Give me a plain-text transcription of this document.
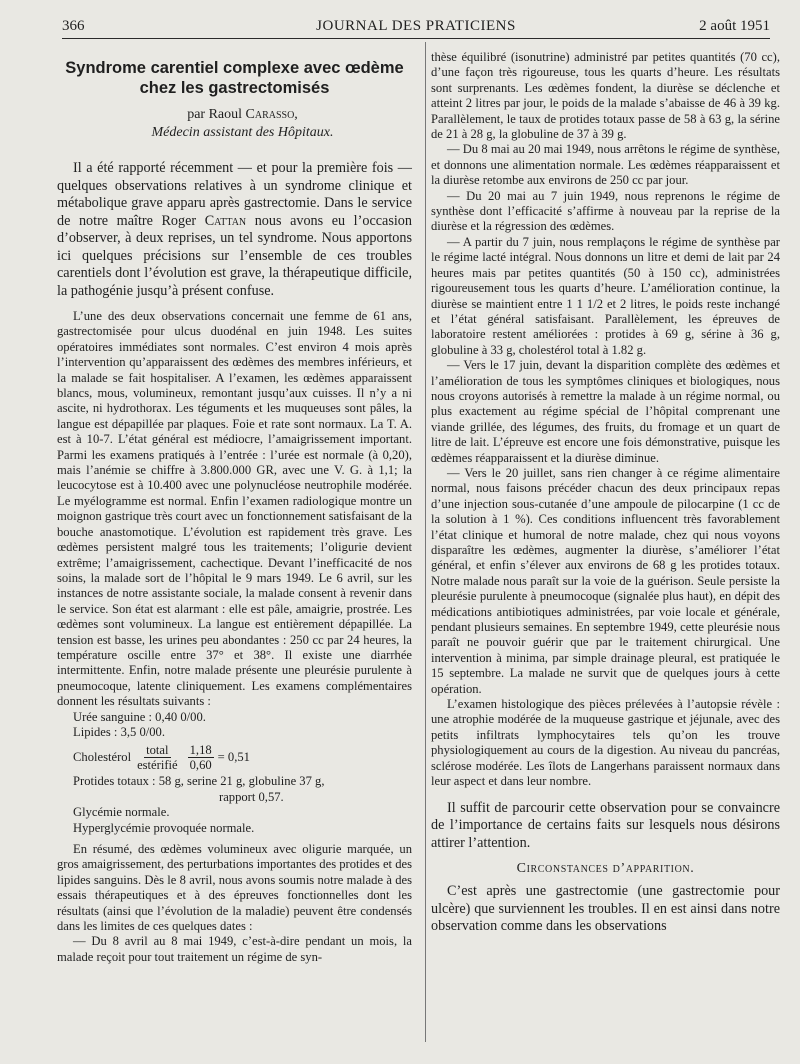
366	JOURNAL DES PRATICIENS	2 août 1951
Syndrome carentiel complexe avec œdème
chez les gastrectomisés

par Raoul Carasso,

Médecin assistant des Hôpitaux.

Il a été rapporté récemment — et pour la première fois — quelques observations relatives à un syndrome clinique et métabolique grave apparu après gastrectomie. Dans le service de notre maître Roger Cattan nous avons eu l’occasion d’observer, à deux reprises, un tel syndrome. Nous apportons ici quelques précisions sur l’ensemble de ces troubles carentiels dont l’évolution est grave, la thérapeutique difficile, la pathogénie jusqu’à présent confuse.

L’une des deux observations concernait une femme de 61 ans, gastrectomisée pour ulcus duodénal en juin 1948. Les suites opératoires immédiates sont normales. C’est environ 4 mois après l’intervention qu’apparaissent des œdèmes des membres inférieurs, et la malade se fait hospitaliser. A l’examen, les œdèmes apparaissent blancs, mous, volumineux, remontant jusqu’aux cuisses. Il n’y a ni ascite, ni hydrothorax. Les téguments et les muqueuses sont pâles, la langue est dépapillée par plaques. Foie et rate sont normaux. La T. A. est à 10-7. L’état général est médiocre, l’amaigrissement important. Parmi les examens pratiqués à l’entrée : l’urée est normale (à 0,20), mais l’anémie se chiffre à 3.800.000 GR, avec une V. G. à 1,1; la leucocytose est à 10.400 avec une polynucléose neutrophile modérée. Le myélogramme est normal. Enfin l’examen radiologique montre un moignon gastrique très court avec un fonctionnement satisfaisant de la bouche anastomotique. L’évolution est rapidement très grave. Les œdèmes persistent malgré tous les traitements; l’oligurie devient extrême; l’amaigrissement, cachectique. Devant l’inefficacité de nos soins, la malade sort de l’hôpital le 9 mars 1949. Le 6 avril, sur les instances de notre assistante sociale, la malade consent à revenir dans le service. Son état est alarmant : elle est pâle, amaigrie, prostrée. Les œdèmes sont volumineux. La langue est entièrement dépapillée. La tension est basse, les urines peu abondantes : 250 cc par 24 heures, la température oscille entre 37° et 38°. Il existe une diarrhée intermittente. Enfin, notre malade présente une pleurésie purulente à pneumocoque, latente cliniquement. Les examens complémentaires donnent les résultats suivants :

Urée sanguine : 0,40 0/00.
Lipides : 3,5 0/00.
Cholestérol $\frac{\text{total}}{\text{estérifié}} \frac{1,18}{0,60} = 0,51$
Protides totaux : 58 g, serine 21 g, globuline 37 g,
rapport 0,57.
Glycémie normale.
Hyperglycémie provoquée normale.

En résumé, des œdèmes volumineux avec oligurie marquée, un gros amaigrissement, des perturbations importantes des protides et des lipides sanguins. Dès le 8 avril, nous avons soumis notre malade à des essais thérapeutiques et à des épreuves fonctionnelles dont les résultats (ainsi que l’évolution de la maladie) peuvent être condensés dans les limites de ces quelques dates :

— Du 8 avril au 8 mai 1949, c’est-à-dire pendant un mois, la malade reçoit pour tout traitement un régime de syn-

thèse équilibré (isonutrine) administré par petites quantités (70 cc), d’une façon très rigoureuse, tous les quarts d’heure. Les résultats sont surprenants. Les œdèmes fondent, la diurèse se déclenche et atteint 2 litres par jour, le poids de la malade s’abaisse de 46 à 39 kg. Parallèlement, le taux de protides totaux passe de 58 à 63 g, la sérine de 21 à 28 g, la globuline de 37 à 39 g.

— Du 8 mai au 20 mai 1949, nous arrêtons le régime de synthèse, et donnons une alimentation normale. Les œdèmes réapparaissent et la diurèse retombe aux environs de 250 cc par jour.

— Du 20 mai au 7 juin 1949, nous reprenons le régime de synthèse dont l’efficacité s’affirme à nouveau par la reprise de la diurèse et la régression des œdèmes.

— A partir du 7 juin, nous remplaçons le régime de synthèse par le régime lacté intégral. Nous donnons un litre et demi de lait par 24 heures mais par petites quantités (50 à 150 cc), administrées rigoureusement tous les quarts d’heure. L’amélioration continue, la diurèse se maintient entre 1 1 1/2 et 2 litres, le poids reste inchangé et l’état général satisfaisant. Parallèlement, les épreuves de laboratoire restent améliorées : protides à 69 g, sérine à 36 g, globuline à 33 g, cholestérol total à 1.82 g.

— Vers le 17 juin, devant la disparition complète des œdèmes et l’amélioration de tous les symptômes cliniques et biologiques, nous nous croyons autorisés à remettre la malade à un régime normal, ou plus exactement au régime spécial de l’hôpital comprenant une viande grillée, des légumes, des fruits, du fromage et un quart de litre de lait. L’épreuve est encore une fois démonstrative, puisque les œdèmes réapparaissent et la diurèse diminue.

— Vers le 20 juillet, sans rien changer à ce régime alimentaire normal, nous faisons précéder chacun des deux principaux repas d’une injection sous-cutanée d’une ampoule de pilocarpine (1 cc de la solution à 1 %). Ces conditions influencent très favorablement l’état clinique et humoral de notre malade, chez qui nous voyons disparaître les œdèmes, augmenter la diurèse, s’améliorer l’état général, et enfin s’élever aux environs de 68 g les protides totaux. Notre malade nous paraît sur la voie de la guérison. Seule persiste la pleurésie purulente à pneumocoque (signalée plus haut), en dépit des médications antibiotiques administrées, par voie locale et générale, pendant plusieurs semaines. En septembre 1949, cette pleurésie nous paraît ne pouvoir guérir que par le traitement chirurgical. Une intervention à minima, par simple drainage pleural, est pratiquée le 15 septembre. La malade ne survit que de quelques jours à cette opération.

L’examen histologique des pièces prélevées à l’autopsie révèle : une atrophie modérée de la muqueuse gastrique et jéjunale, avec des petits infiltrats lymphocytaires tels qu’on les trouve physiologiquement au cours de la digestion. Au niveau du pancréas, sclérose modérée. Les îlots de Langerhans paraissent normaux dans leur aspect et dans leur nombre.

Il suffit de parcourir cette observation pour se convaincre de l’importance de certains faits sur lesquels nous désirons attirer l’attention.

Circonstances d’apparition.

C’est après une gastrectomie (une gastrectomie pour ulcère) que surviennent les troubles. Il en est ainsi dans notre observation comme dans les observations
